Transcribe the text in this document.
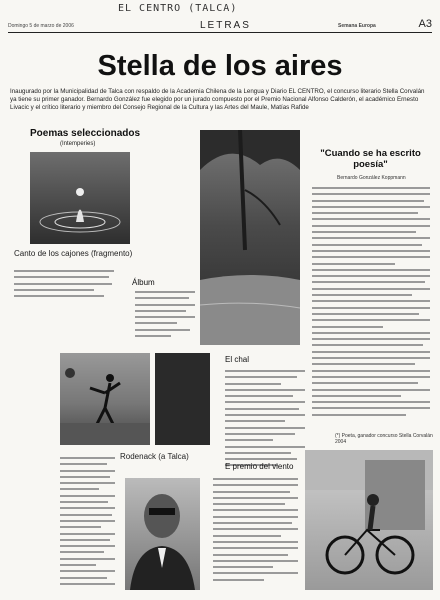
EL CENTRO (TALCA)
Domingo 5 de marzo de 2006	LETRAS	Semana Europa	A3
Stella de los aires
Inaugurado por la Municipalidad de Talca con respaldo de la Academia Chilena de la Lengua y Diario EL CENTRO, el concurso literario Stella Corvalán ya tiene su primer ganador. Bernardo González fue elegido por un jurado compuesto por el Premio Nacional Alfonso Calderón, el académico Ernesto Livacic y el crítico literario y miembro del Consejo Regional de la Cultura y las Artes del Maule, Matías Rafide
Poemas seleccionados
(Intemperies)
Canto de los cajones (fragmento)
Álbum
"Cuando se ha escrito poesía"
Bernardo González Koppmann
(*) Poeta, ganador concurso Stella Corvalán 2004
El chal
Rodenack (a Talca)
E premio del viento
